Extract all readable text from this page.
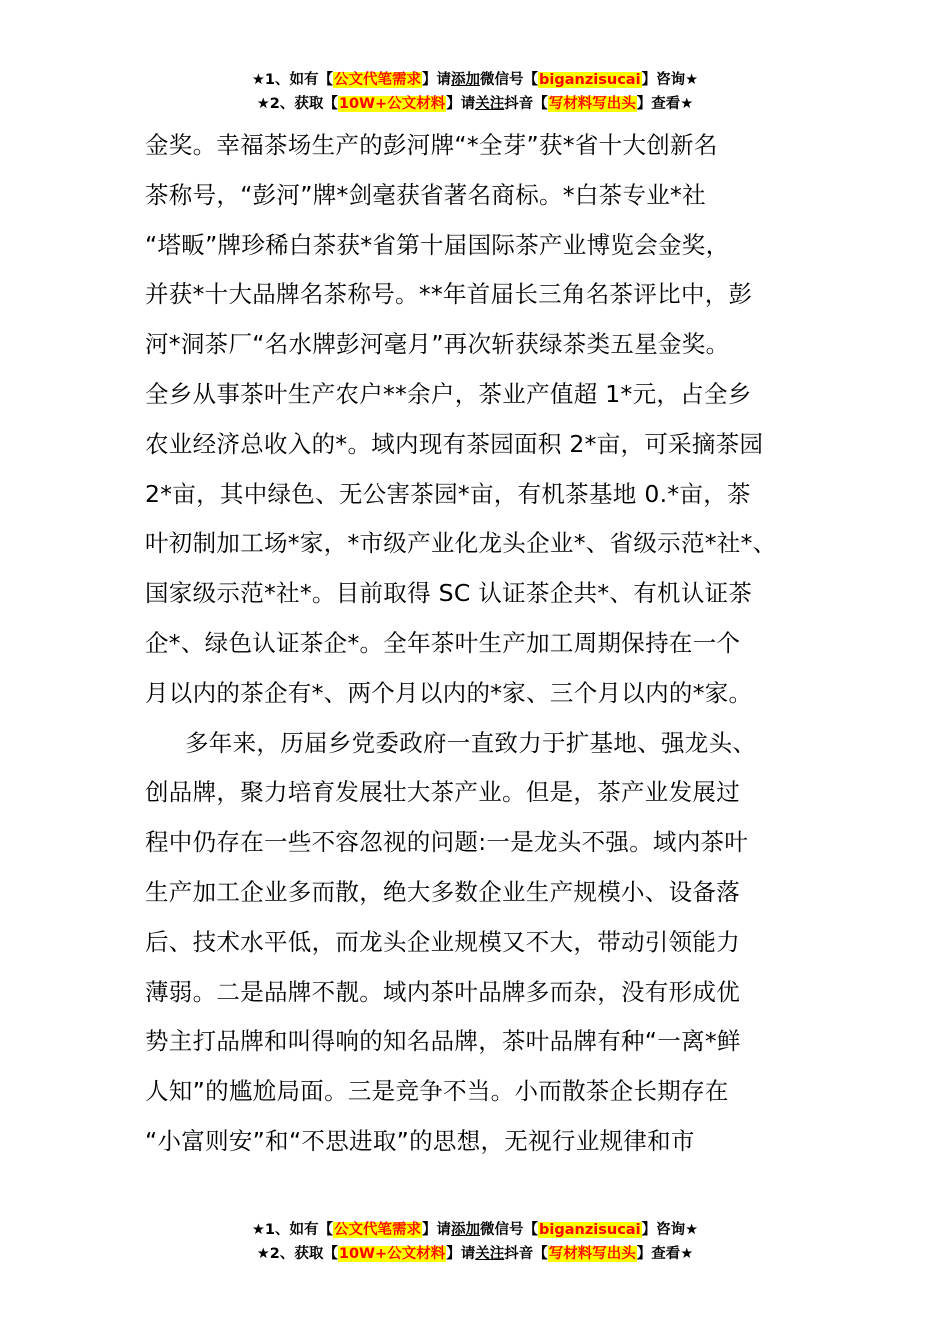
★1、如有【公文代笔需求】请添加微信号【biganzisucai】咨询★
★2、获取【10W+公文材料】请关注抖音【写材料写出头】查看★

金奖。幸福茶场生产的彭河牌“*全芽”获*省十大创新名
茶称号，“彭河”牌*剑毫获省著名商标。*白茶专业*社
“塔畈”牌珍稀白茶获*省第十届国际茶产业博览会金奖，
并获*十大品牌名茶称号。**年首届长三角名茶评比中，彭
河*洞茶厂“名水牌彭河毫月”再次斩获绿茶类五星金奖。
全乡从事茶叶生产农户**余户，茶业产值超 1*元，占全乡
农业经济总收入的*。域内现有茶园面积 2*亩，可采摘茶园
2*亩，其中绿色、无公害茶园*亩，有机茶基地 0.*亩，茶
叶初制加工场*家，*市级产业化龙头企业*、省级示范*社*、
国家级示范*社*。目前取得 SC 认证茶企共*、有机认证茶
企*、绿色认证茶企*。全年茶叶生产加工周期保持在一个
月以内的茶企有*、两个月以内的*家、三个月以内的*家。

多年来，历届乡党委政府一直致力于扩基地、强龙头、
创品牌，聚力培育发展壮大茶产业。但是，茶产业发展过
程中仍存在一些不容忽视的问题:一是龙头不强。域内茶叶
生产加工企业多而散，绝大多数企业生产规模小、设备落
后、技术水平低，而龙头企业规模又不大，带动引领能力
薄弱。二是品牌不靓。域内茶叶品牌多而杂，没有形成优
势主打品牌和叫得响的知名品牌，茶叶品牌有种“一离*鲜
人知”的尴尬局面。三是竞争不当。小而散茶企长期存在
“小富则安”和“不思进取”的思想，无视行业规律和市

★1、如有【公文代笔需求】请添加微信号【biganzisucai】咨询★
★2、获取【10W+公文材料】请关注抖音【写材料写出头】查看★
